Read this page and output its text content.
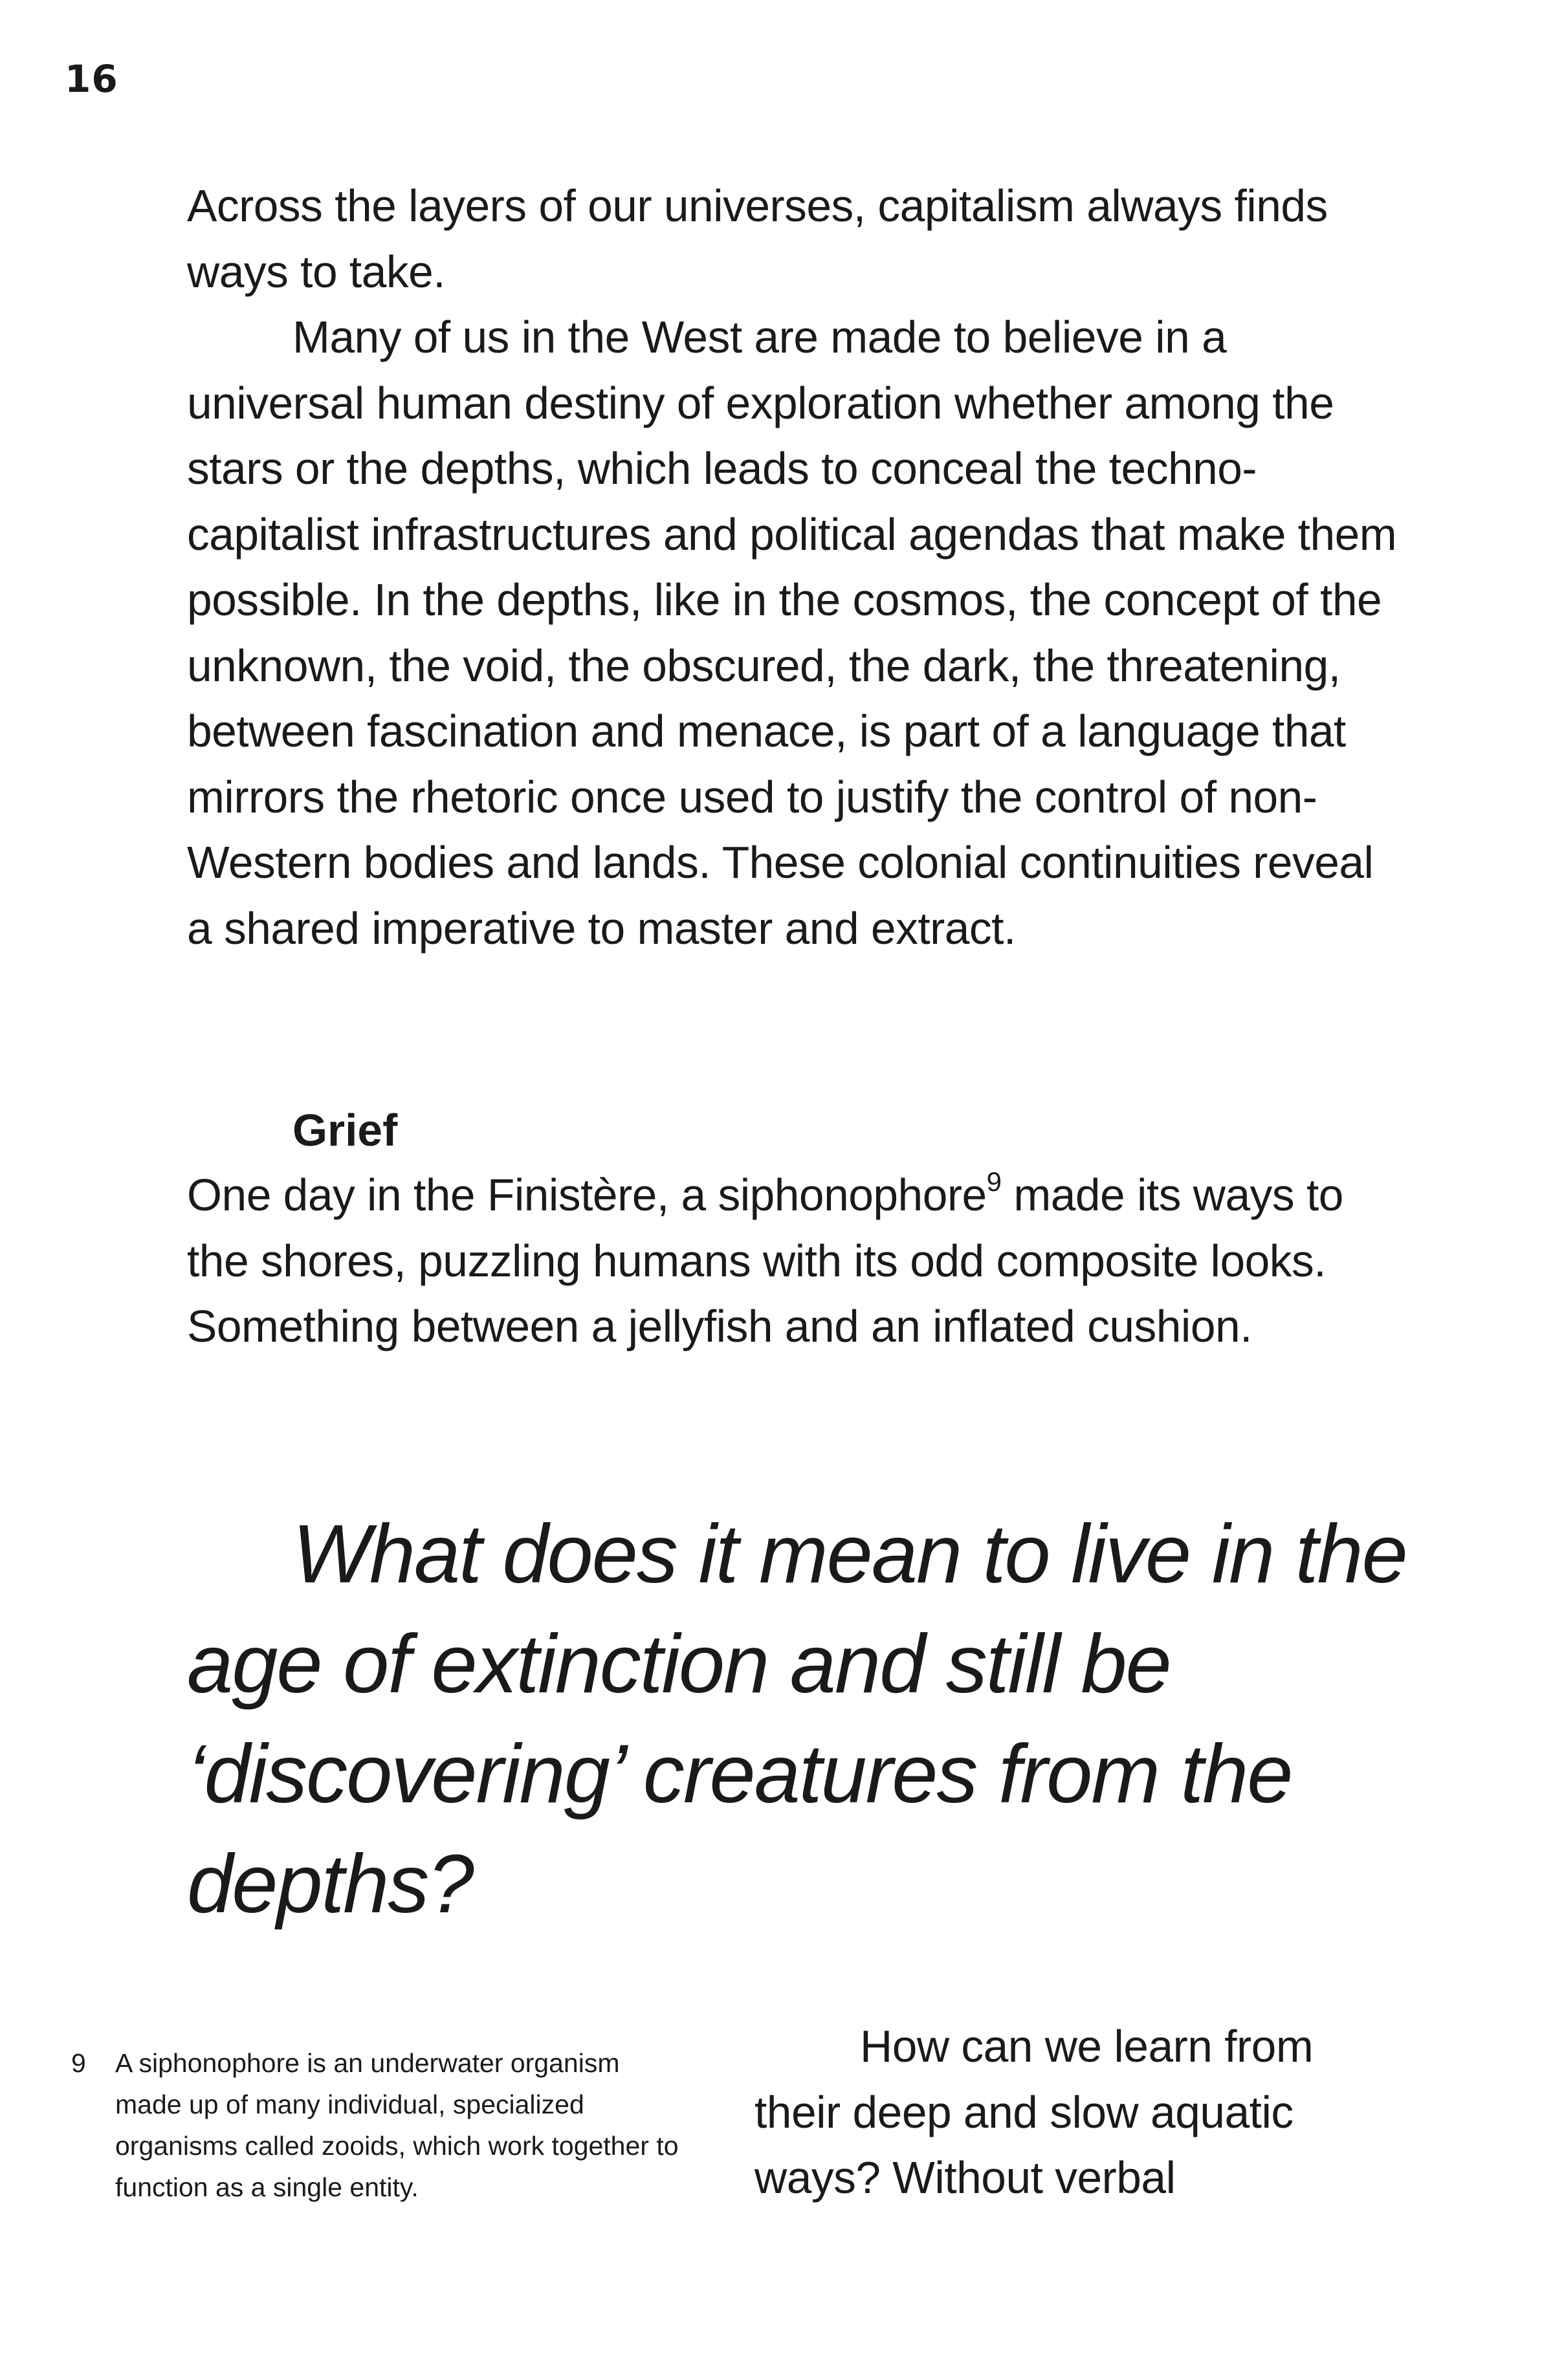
16

Across the layers of our universes, capitalism always finds ways to take.

Many of us in the West are made to believe in a universal human destiny of exploration whether among the stars or the depths, which leads to conceal the techno-capitalist infrastructures and political agendas that make them possible. In the depths, like in the cosmos, the concept of the unknown, the void, the obscured, the dark, the threatening, between fascination and menace, is part of a language that mirrors the rhetoric once used to justify the control of non-Western bodies and lands. These colonial continuities reveal a shared imperative to master and extract.

Grief

One day in the Finistère, a siphonophore$^9$ made its ways to the shores, puzzling humans with its odd composite looks. Something between a jellyfish and an inflated cushion.

What does it mean to live in the age of extinction and still be ‘discovering’ creatures from the depths?

9 A siphonophore is an underwater organism made up of many individual, specialized organisms called zooids, which work together to function as a single entity.

How can we learn from their deep and slow aquatic ways? Without verbal
